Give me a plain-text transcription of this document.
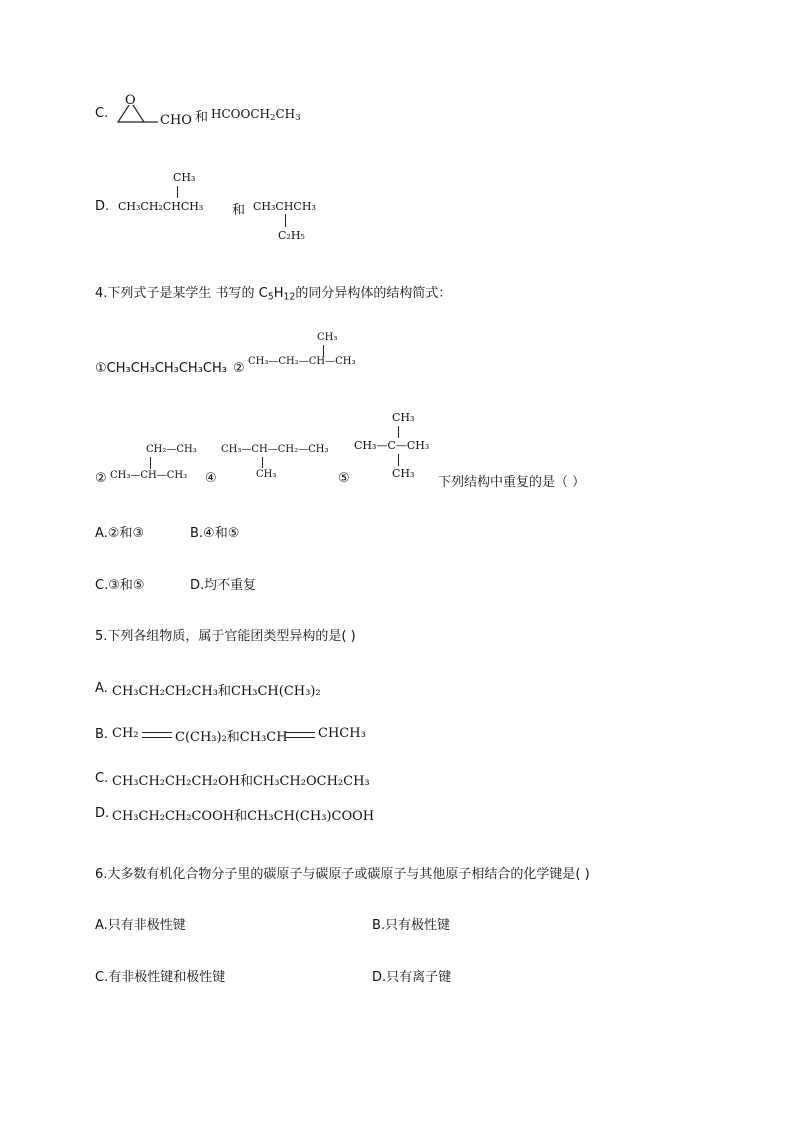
C.
O
CHO 和 $HCOOCH_2CH_3$
CH₃
D. CH₃CH₂CHCH₃ 和 CH₃CHCH₃
C₂H₅
4.下列式子是某学生 书写的 $C_5H_{12}$的同分异构体的结构简式：
①CH₃CH₃CH₃CH₃CH₃ ②
CH₃
CH₃—CH₂—CH—CH₃
CH₂—CH₃
② CH₃—CH—CH₃ ④
CH₃—CH—CH₂—CH₃
CH₃	⑤
CH₃
CH₃—C—CH₃
CH₃
下列结构中重复的是（ ）
A.②和③	B.④和⑤
C.③和⑤	D.均不重复
5.下列各组物质，属于官能团类型异构的是( )
A. CH₃CH₂CH₂CH₃和CH₃CH(CH₃)₂
B. CH₂	C(CH₃)₂和CH₃CH CHCH₃
C. CH₃CH₂CH₂CH₂OH和CH₃CH₂OCH₂CH₃
D. CH₃CH₂CH₂COOH和CH₃CH(CH₃)COOH
6.大多数有机化合物分子里的碳原子与碳原子或碳原子与其他原子相结合的化学键是( )
A.只有非极性键	B.只有极性键
C.有非极性键和极性键	D.只有离子键
